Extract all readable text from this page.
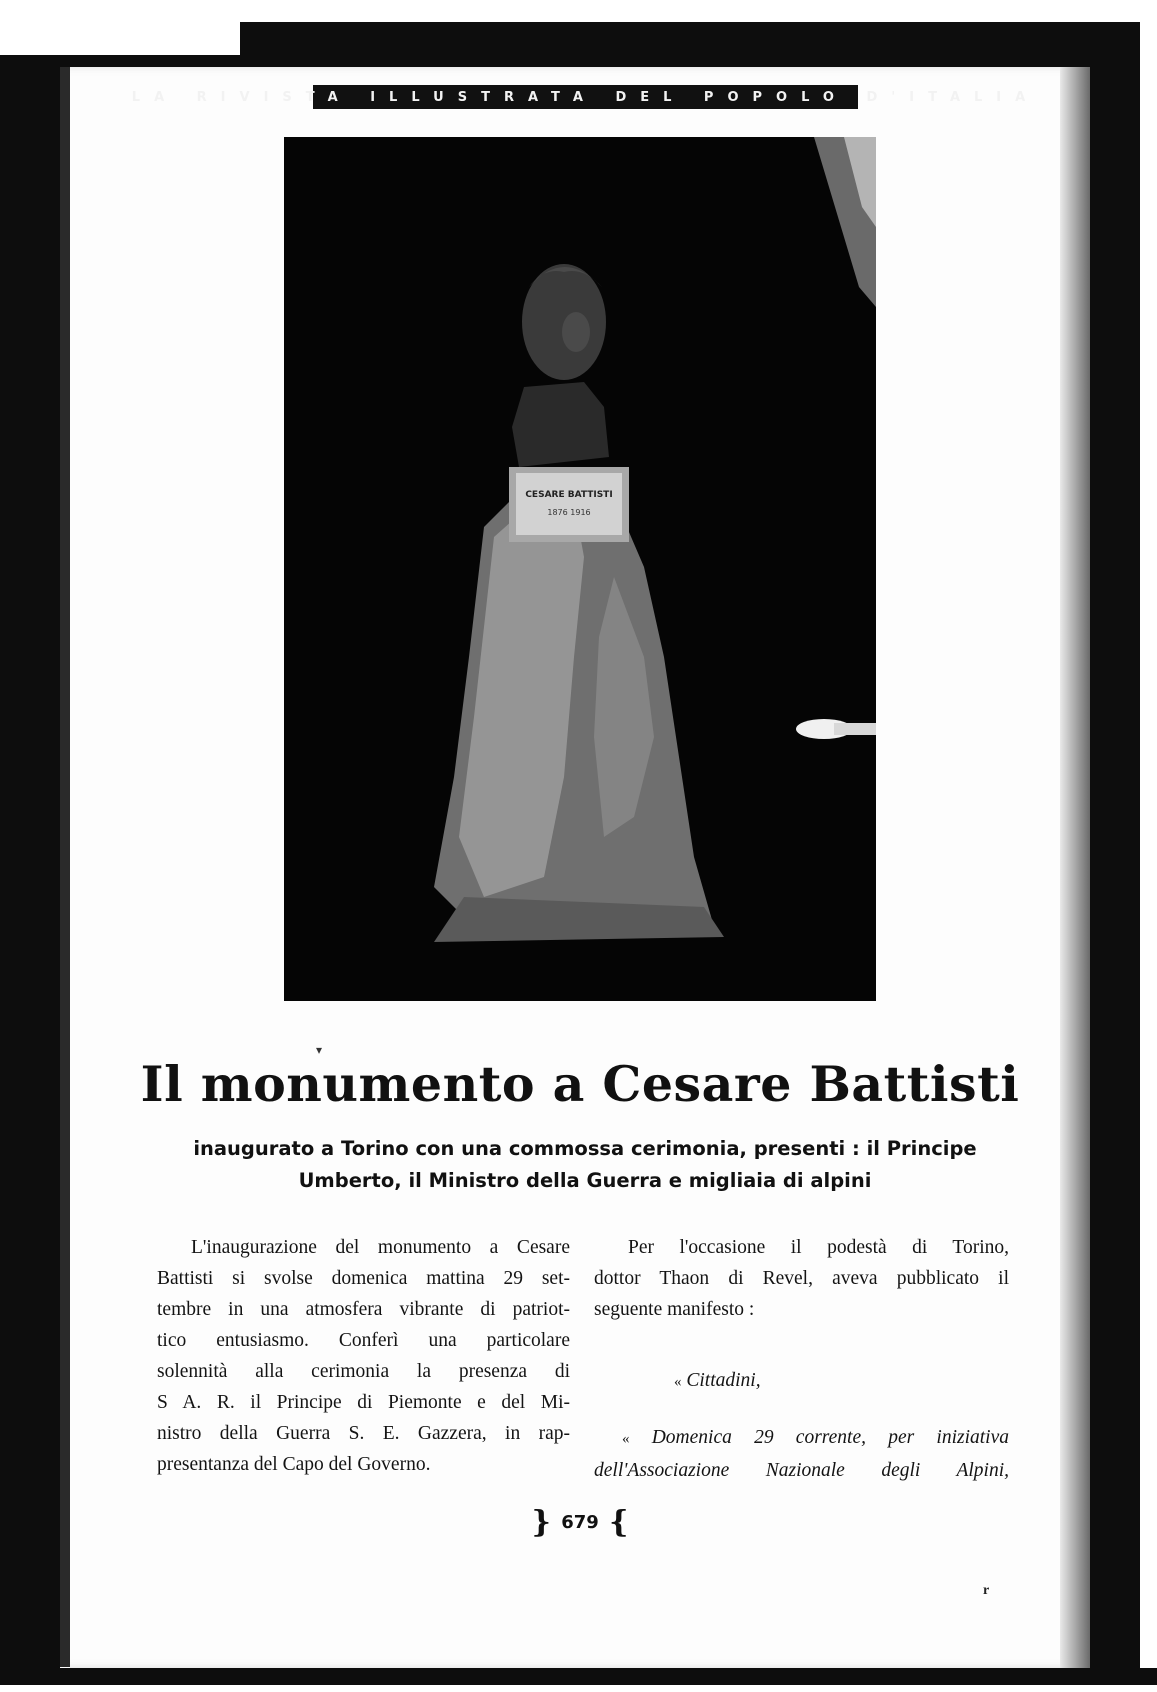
LA RIVISTA ILLUSTRATA DEL POPOLO D'ITALIA
CESARE BATTISTI
1876 1916
▾
Il monumento a Cesare Battisti
inaugurato a Torino con una commossa cerimonia, presenti : il Principe
Umberto, il Ministro della Guerra e migliaia di alpini
L'inaugurazione del monumento a Cesare
Battisti si svolse domenica mattina 29 set-
tembre in una atmosfera vibrante di patriot-
tico entusiasmo. Conferì una particolare
solennità alla cerimonia la presenza di
S A. R. il Principe di Piemonte e del Mi-
nistro della Guerra S. E. Gazzera, in rap-
presentanza del Capo del Governo.
Per l'occasione il podestà di Torino,
dottor Thaon di Revel, aveva pubblicato il
seguente manifesto :
« Cittadini,
« Domenica 29 corrente, per iniziativa
dell'Associazione Nazionale degli Alpini,
} 679 {
r
